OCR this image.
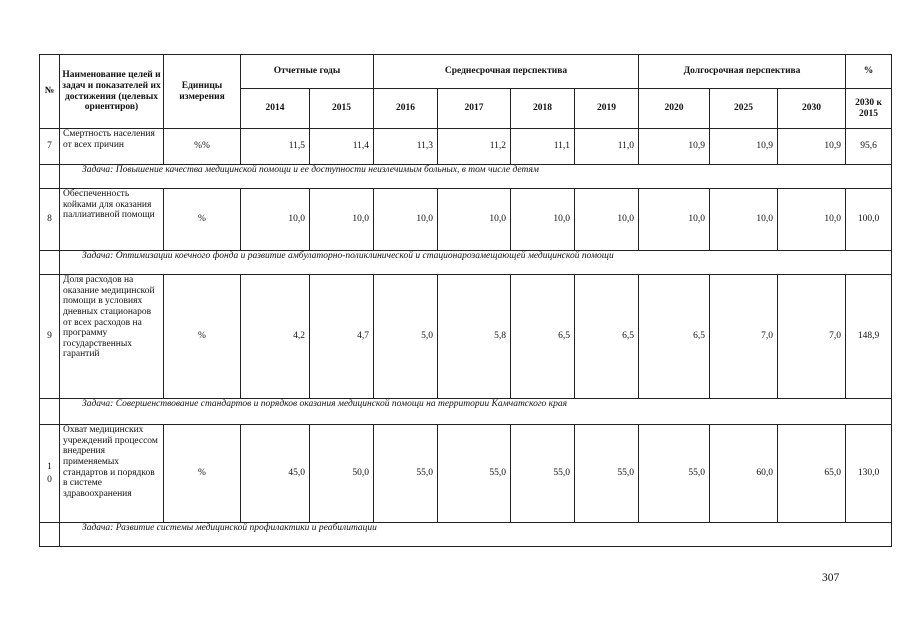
№	Наименование целей и задач и показателей их достижения (целевых ориентиров)	Единицы измерения	Отчетные годы		Среднесрочная перспектива				Долгосрочная перспектива			%
			2014	2015	2016	2017	2018	2019	2020	2025	2030	2030 к 2015
7	Смертность населения от всех причин	%%	11,5	11,4	11,3	11,2	11,1	11,0	10,9	10,9	10,9	95,6
	Задача: Повышение качества медицинской помощи и ее доступности неизлечимым больных, в том числе детям											
8	Обеспеченность койками для оказания паллиативной помощи	%	10,0	10,0	10,0	10,0	10,0	10,0	10,0	10,0	10,0	100,0
	Задача: Оптимизации коечного фонда и развитие амбулаторно-поликлинической и стационарозамещающей медицинской помощи											
9	Доля расходов на оказание медицинской помощи в условиях дневных стационаров от всех расходов на программу государственных гарантий	%	4,2	4,7	5,0	5,8	6,5	6,5	6,5	7,0	7,0	148,9
	Задача: Совершенствование стандартов и порядков оказания медицинской помощи на территории Камчатского края											
10	Охват медицинских учреждений процессом внедрения применяемых стандартов и порядков в системе здравоохранения	%	45,0	50,0	55,0	55,0	55,0	55,0	55,0	60,0	65,0	130,0
	Задача: Развитие системы медицинской профилактики и реабилитации											
307
